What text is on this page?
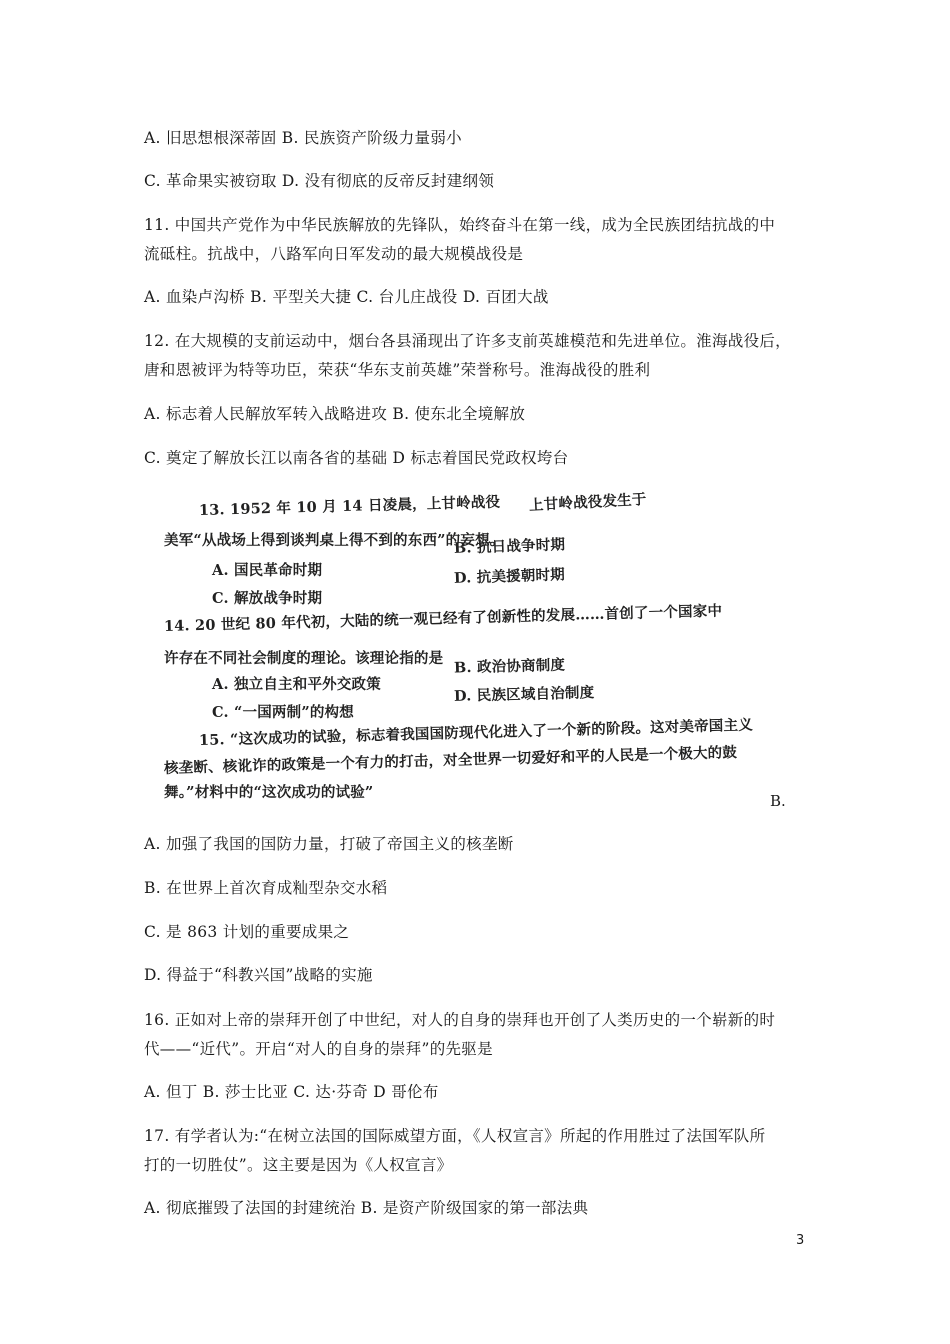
A. 旧思想根深蒂固 B. 民族资产阶级力量弱小

C. 革命果实被窃取 D. 没有彻底的反帝反封建纲领

11. 中国共产党作为中华民族解放的先锋队，始终奋斗在第一线，成为全民族团结抗战的中

流砥柱。抗战中，八路军向日军发动的最大规模战役是

A. 血染卢沟桥 B. 平型关大捷 C. 台儿庄战役 D. 百团大战

12. 在大规模的支前运动中，烟台各县涌现出了许多支前英雄模范和先进单位。淮海战役后，

唐和恩被评为特等功臣，荣获“华东支前英雄”荣誉称号。淮海战役的胜利

A. 标志着人民解放军转入战略进攻 B. 使东北全境解放

C. 奠定了解放长江以南各省的基础 D 标志着国民党政权垮台

13. 1952 年 10 月 14 日凌晨，上甘岭战役 上甘岭战役发生于

美军“从战场上得到谈判桌上得不到的东西”的妄想。

B. 抗日战争时期

A. 国民革命时期	D. 抗美援朝时期

C. 解放战争时期

14. 20 世纪 80 年代初，大陆的统一观已经有了创新性的发展……首创了一个国家中

许存在不同社会制度的理论。该理论指的是 B. 政治协商制度

A. 独立自主和平外交政策	D. 民族区域自治制度

C. “一国两制”的构想

15. “这次成功的试验，标志着我国国防现代化进入了一个新的阶段。这对美帝国主义

核垄断、核讹诈的政策是一个有力的打击，对全世界一切爱好和平的人民是一个极大的鼓

舞。”材料中的“这次成功的试验”	B.

A. 加强了我国的国防力量，打破了帝国主义的核垄断

B. 在世界上首次育成籼型杂交水稻

C. 是 863 计划的重要成果之

D. 得益于“科教兴国”战略的实施

16. 正如对上帝的崇拜开创了中世纪，对人的自身的崇拜也开创了人类历史的一个崭新的时

代——“近代”。开启“对人的自身的崇拜”的先驱是

A. 但丁 B. 莎士比亚 C. 达·芬奇 D 哥伦布

17. 有学者认为:“在树立法国的国际威望方面，《人权宣言》所起的作用胜过了法国军队所

打的一切胜仗”。这主要是因为《人权宣言》

A. 彻底摧毁了法国的封建统治 B. 是资产阶级国家的第一部法典

3
